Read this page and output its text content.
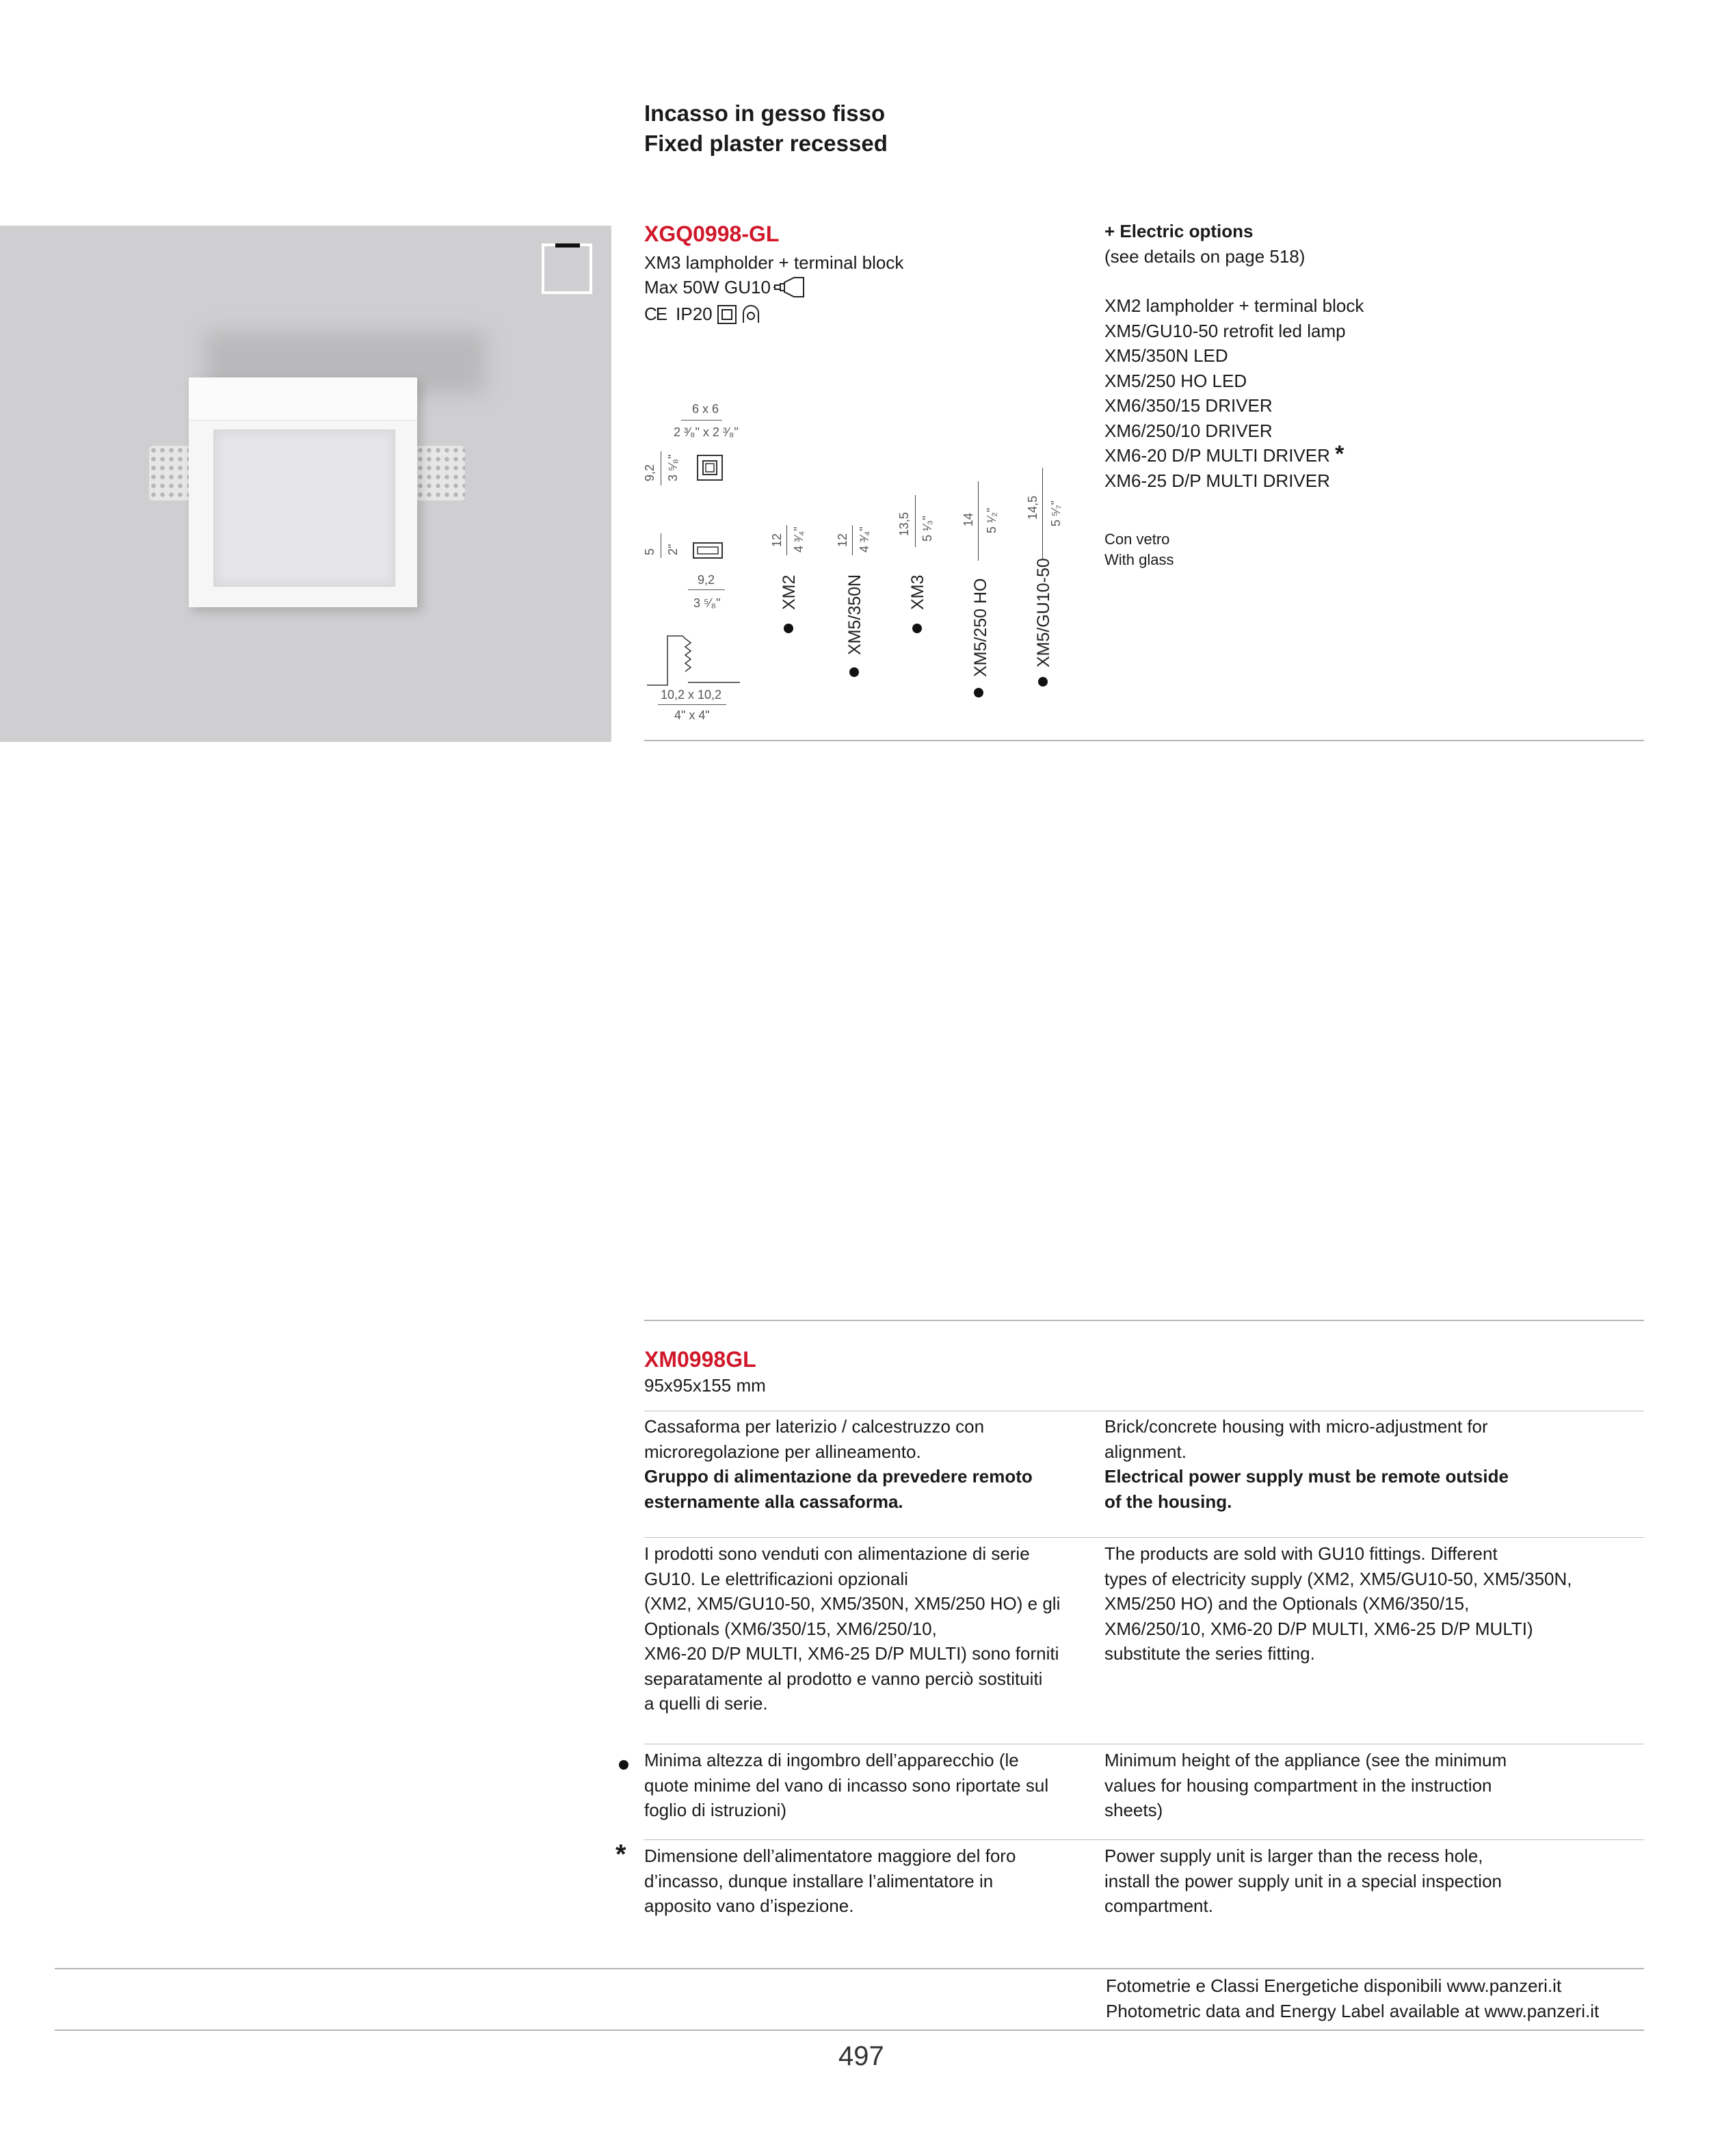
Incasso in gesso fisso
Fixed plaster recessed
XGQ0998-GL
XM3 lampholder + terminal block
Max 50W GU10
CE IP20
6 x 6
2 ³⁄₈" x 2 ³⁄₈"
9,2 3 ⁵⁄₈"
5 2"
9,2
3 ⁵⁄₈"
10,2 x 10,2
4" x 4"
12 4 ³⁄₄"
XM2
12 4 ³⁄₄"
XM5/350N
13,5 5 ¹⁄₃"
XM3
14 5 ¹⁄₂"
XM5/250 HO
14,5 5 ⁵⁄₇"
XM5/GU10-50
+ Electric options
(see details on page 518)
XM2 lampholder + terminal block
XM5/GU10-50 retrofit led lamp
XM5/350N LED
XM5/250 HO LED
XM6/350/15 DRIVER
XM6/250/10 DRIVER
XM6-20 D/P MULTI DRIVER *
XM6-25 D/P MULTI DRIVER
Con vetro
With glass
XM0998GL
95x95x155 mm
Cassaforma per laterizio / calcestruzzo con
microregolazione per allineamento.
Gruppo di alimentazione da prevedere remoto
esternamente alla cassaforma.
Brick/concrete housing with micro-adjustment for
alignment.
Electrical power supply must be remote outside
of the housing.
I prodotti sono venduti con alimentazione di serie
GU10. Le elettrificazioni opzionali
(XM2, XM5/GU10-50, XM5/350N, XM5/250 HO) e gli
Optionals (XM6/350/15, XM6/250/10,
XM6-20 D/P MULTI, XM6-25 D/P MULTI) sono forniti
separatamente al prodotto e vanno perciò sostituiti
a quelli di serie.
The products are sold with GU10 fittings. Different
types of electricity supply (XM2, XM5/GU10-50, XM5/350N,
XM5/250 HO) and the Optionals (XM6/350/15,
XM6/250/10, XM6-20 D/P MULTI, XM6-25 D/P MULTI)
substitute the series fitting.
Minima altezza di ingombro dell’apparecchio (le
quote minime del vano di incasso sono riportate sul
foglio di istruzioni)
Minimum height of the appliance (see the minimum
values for housing compartment in the instruction
sheets)
* Dimensione dell’alimentatore maggiore del foro
d’incasso, dunque installare l’alimentatore in
apposito vano d’ispezione.
Power supply unit is larger than the recess hole,
install the power supply unit in a special inspection
compartment.
Fotometrie e Classi Energetiche disponibili www.panzeri.it
Photometric data and Energy Label available at www.panzeri.it
497
